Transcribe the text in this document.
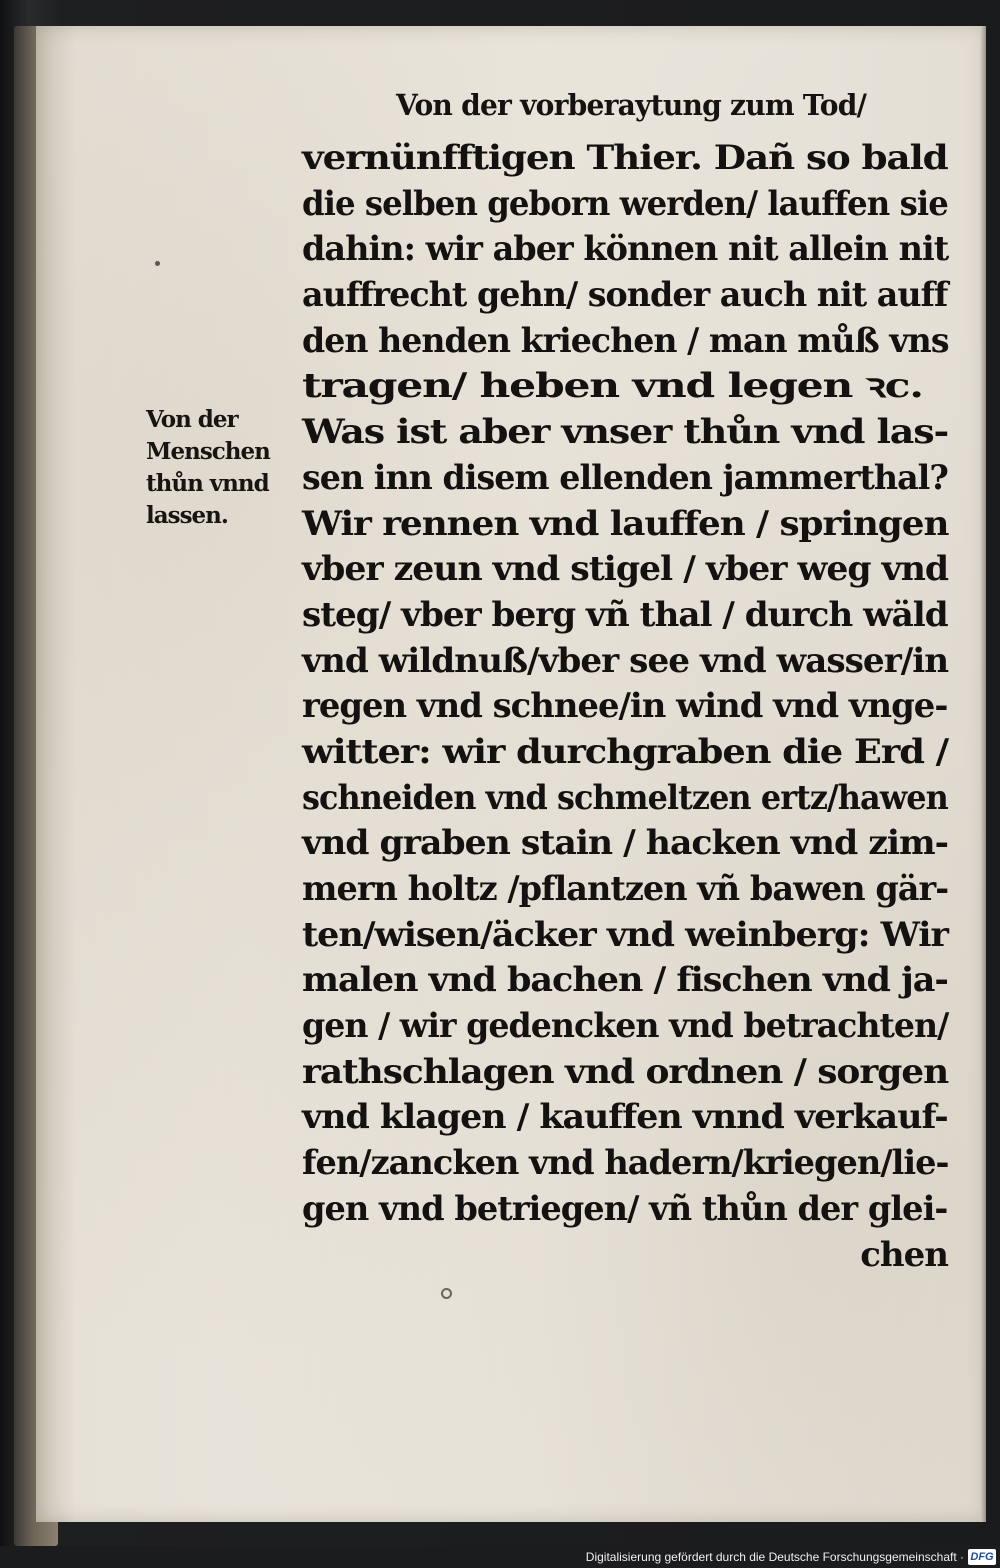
Von der vorberaytung zum Tod/
Von der
Menschen
thůn vnnd
lassen.
vernünfftigen Thier. Dañ so bald
die selben geborn werden/ lauffen sie
dahin: wir aber können nit allein nit
auffrecht gehn/ sonder auch nit auff
den henden kriechen / man můß vns
tragen/ heben vnd legen ꝛc.
Was ist aber vnser thůn vnd las-
sen inn disem ellenden jammerthal?
Wir rennen vnd lauffen / springen
vber zeun vnd stigel / vber weg vnd
steg/ vber berg vñ thal / durch wäld
vnd wildnuß/vber see vnd wasser/in
regen vnd schnee/in wind vnd vnge-
witter: wir durchgraben die Erd /
schneiden vnd schmeltzen ertz/hawen
vnd graben stain / hacken vnd zim-
mern holtz /pflantzen vñ bawen gär-
ten/wisen/äcker vnd weinberg: Wir
malen vnd bachen / fischen vnd ja-
gen / wir gedencken vnd betrachten/
rathschlagen vnd ordnen / sorgen
vnd klagen / kauffen vnnd verkauf-
fen/zancken vnd hadern/kriegen/lie-
gen vnd betriegen/ vñ thůn der glei-
chen
Digitalisierung gefördert durch die Deutsche Forschungsgemeinschaft · DFG
